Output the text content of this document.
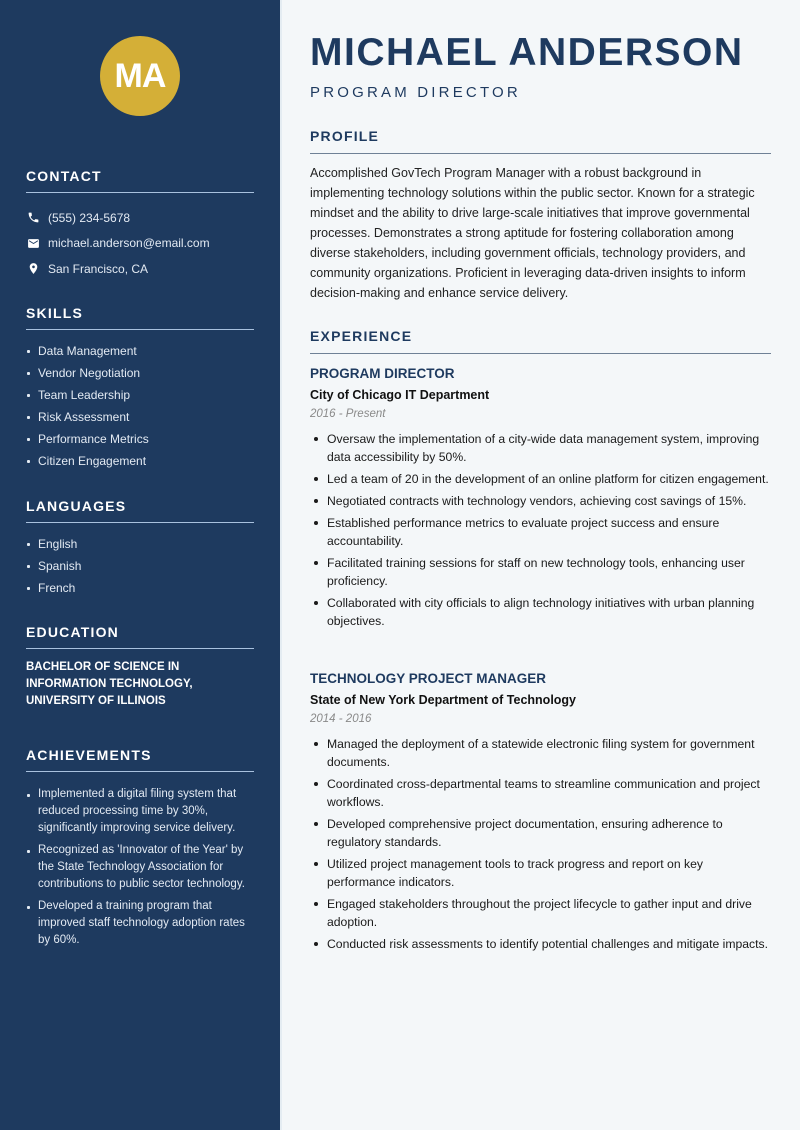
MA
CONTACT
(555) 234-5678
michael.anderson@email.com
San Francisco, CA
SKILLS
Data Management
Vendor Negotiation
Team Leadership
Risk Assessment
Performance Metrics
Citizen Engagement
LANGUAGES
English
Spanish
French
EDUCATION
BACHELOR OF SCIENCE IN
INFORMATION TECHNOLOGY,
UNIVERSITY OF ILLINOIS
ACHIEVEMENTS
Implemented a digital filing system that reduced processing time by 30%, significantly improving service delivery.
Recognized as 'Innovator of the Year' by the State Technology Association for contributions to public sector technology.
Developed a training program that improved staff technology adoption rates by 60%.
MICHAEL ANDERSON
PROGRAM DIRECTOR
PROFILE

Accomplished GovTech Program Manager with a robust background in implementing technology solutions within the public sector. Known for a strategic mindset and the ability to drive large-scale initiatives that improve governmental processes. Demonstrates a strong aptitude for fostering collaboration among diverse stakeholders, including government officials, technology providers, and community organizations. Proficient in leveraging data-driven insights to inform decision-making and enhance service delivery.

EXPERIENCE
PROGRAM DIRECTOR
City of Chicago IT Department
2016 - Present
Oversaw the implementation of a city-wide data management system, improving data accessibility by 50%.
Led a team of 20 in the development of an online platform for citizen engagement.
Negotiated contracts with technology vendors, achieving cost savings of 15%.
Established performance metrics to evaluate project success and ensure accountability.
Facilitated training sessions for staff on new technology tools, enhancing user proficiency.
Collaborated with city officials to align technology initiatives with urban planning objectives.
TECHNOLOGY PROJECT MANAGER
State of New York Department of Technology
2014 - 2016
Managed the deployment of a statewide electronic filing system for government documents.
Coordinated cross-departmental teams to streamline communication and project workflows.
Developed comprehensive project documentation, ensuring adherence to regulatory standards.
Utilized project management tools to track progress and report on key performance indicators.
Engaged stakeholders throughout the project lifecycle to gather input and drive adoption.
Conducted risk assessments to identify potential challenges and mitigate impacts.
